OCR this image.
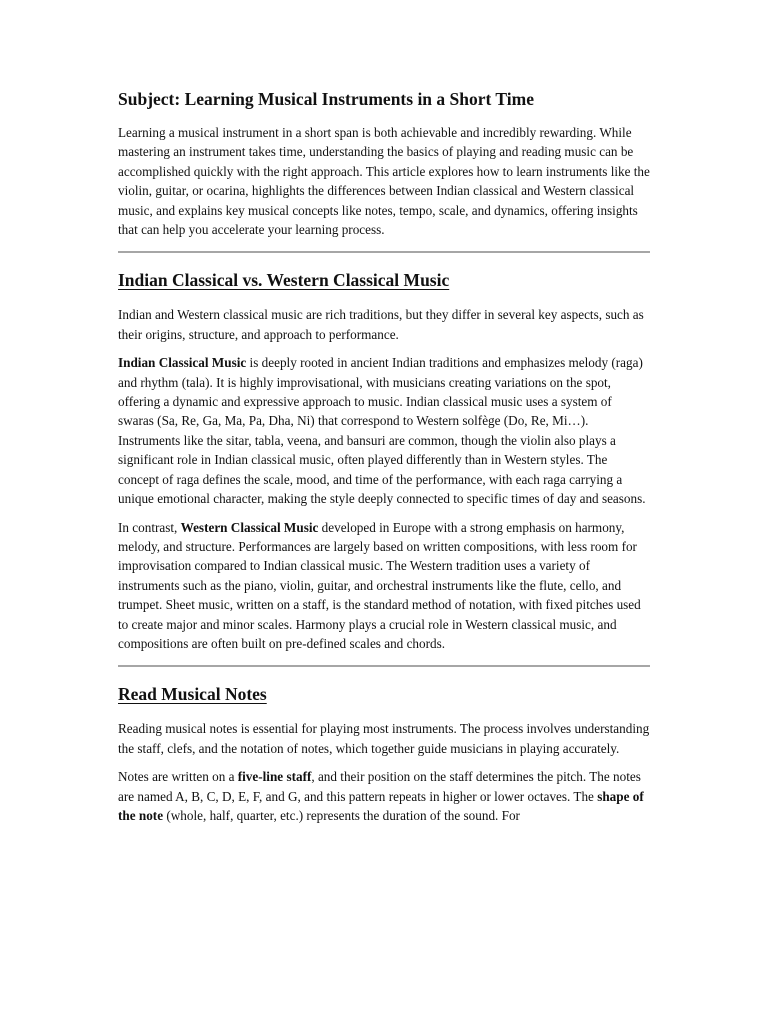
Subject: Learning Musical Instruments in a Short Time

Learning a musical instrument in a short span is both achievable and incredibly rewarding. While mastering an instrument takes time, understanding the basics of playing and reading music can be accomplished quickly with the right approach. This article explores how to learn instruments like the violin, guitar, or ocarina, highlights the differences between Indian classical and Western classical music, and explains key musical concepts like notes, tempo, scale, and dynamics, offering insights that can help you accelerate your learning process.

Indian Classical vs. Western Classical Music

Indian and Western classical music are rich traditions, but they differ in several key aspects, such as their origins, structure, and approach to performance.

Indian Classical Music is deeply rooted in ancient Indian traditions and emphasizes melody (raga) and rhythm (tala). It is highly improvisational, with musicians creating variations on the spot, offering a dynamic and expressive approach to music. Indian classical music uses a system of swaras (Sa, Re, Ga, Ma, Pa, Dha, Ni) that correspond to Western solfège (Do, Re, Mi…). Instruments like the sitar, tabla, veena, and bansuri are common, though the violin also plays a significant role in Indian classical music, often played differently than in Western styles. The concept of raga defines the scale, mood, and time of the performance, with each raga carrying a unique emotional character, making the style deeply connected to specific times of day and seasons.

In contrast, Western Classical Music developed in Europe with a strong emphasis on harmony, melody, and structure. Performances are largely based on written compositions, with less room for improvisation compared to Indian classical music. The Western tradition uses a variety of instruments such as the piano, violin, guitar, and orchestral instruments like the flute, cello, and trumpet. Sheet music, written on a staff, is the standard method of notation, with fixed pitches used to create major and minor scales. Harmony plays a crucial role in Western classical music, and compositions are often built on pre-defined scales and chords.

Read Musical Notes

Reading musical notes is essential for playing most instruments. The process involves understanding the staff, clefs, and the notation of notes, which together guide musicians in playing accurately.

Notes are written on a five-line staff, and their position on the staff determines the pitch. The notes are named A, B, C, D, E, F, and G, and this pattern repeats in higher or lower octaves. The shape of the note (whole, half, quarter, etc.) represents the duration of the sound. For
